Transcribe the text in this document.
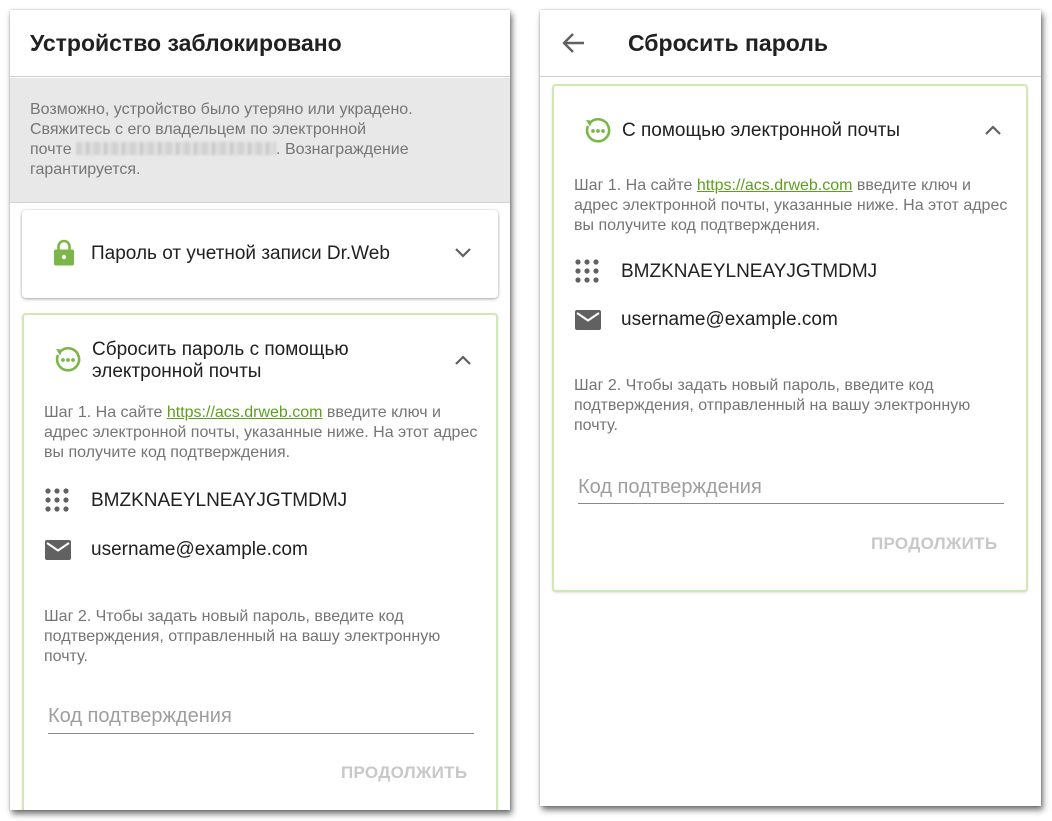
Устройство заблокировано
Возможно, устройство было утеряно или украдено.
Свяжитесь с его владельцем по электронной
почте	. Вознаграждение
гарантируется.
Пароль от учетной записи Dr.Web
Сбросить пароль с помощью
электронной почты
Шаг 1. На сайте https://acs.drweb.com введите ключ и адрес электронной почты, указанные ниже. На этот адрес вы получите код подтверждения.
BMZKNAEYLNEAYJGTMDMJ
username@example.com
Шаг 2. Чтобы задать новый пароль, введите код подтверждения, отправленный на вашу электронную почту.
Код подтверждения
ПРОДОЛЖИТЬ
Сбросить пароль
С помощью электронной почты
Шаг 1. На сайте https://acs.drweb.com введите ключ и адрес электронной почты, указанные ниже. На этот адрес вы получите код подтверждения.
BMZKNAEYLNEAYJGTMDMJ
username@example.com
Шаг 2. Чтобы задать новый пароль, введите код подтверждения, отправленный на вашу электронную почту.
Код подтверждения
ПРОДОЛЖИТЬ
